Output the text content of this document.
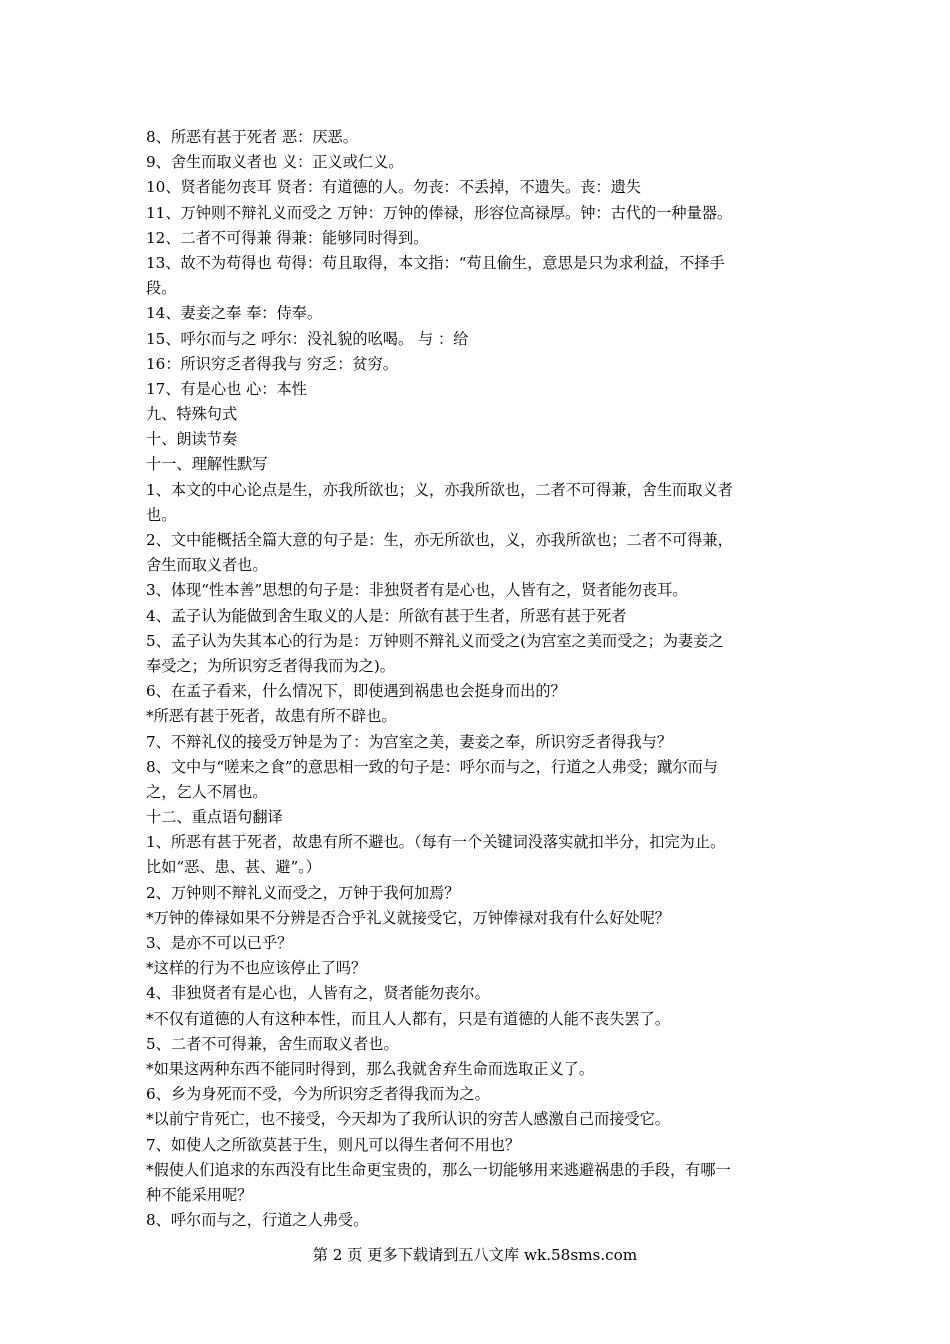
8、所恶有甚于死者 恶：厌恶。
9、舍生而取义者也 义：正义或仁义。
10、贤者能勿丧耳 贤者：有道德的人。勿丧：不丢掉，不遗失。丧：遗失
11、万钟则不辩礼义而受之 万钟：万钟的俸禄，形容位高禄厚。钟：古代的一种量器。
12、二者不可得兼 得兼：能够同时得到。
13、故不为苟得也 苟得：苟且取得，本文指：“苟且偷生，意思是只为求利益，不择手
段。
14、妻妾之奉 奉：侍奉。
15、呼尔而与之 呼尔：没礼貌的吆喝。 与 ：给
16：所识穷乏者得我与 穷乏：贫穷。
17、有是心也 心：本性
九、特殊句式
十、朗读节奏
十一、理解性默写
1、本文的中心论点是生，亦我所欲也；义，亦我所欲也，二者不可得兼，舍生而取义者
也。
2、文中能概括全篇大意的句子是：生，亦无所欲也，义，亦我所欲也；二者不可得兼，
舍生而取义者也。
3、体现“性本善”思想的句子是：非独贤者有是心也，人皆有之，贤者能勿丧耳。
4、孟子认为能做到舍生取义的人是：所欲有甚于生者，所恶有甚于死者
5、孟子认为失其本心的行为是：万钟则不辩礼义而受之(为宫室之美而受之；为妻妾之
奉受之；为所识穷乏者得我而为之)。
6、在孟子看来，什么情况下，即使遇到祸患也会挺身而出的？
*所恶有甚于死者，故患有所不辟也。
7、不辩礼仪的接受万钟是为了：为宫室之美，妻妾之奉，所识穷乏者得我与？
8、文中与“嗟来之食”的意思相一致的句子是：呼尔而与之，行道之人弗受；蹴尔而与
之，乞人不屑也。
十二、重点语句翻译
1、所恶有甚于死者，故患有所不避也。（每有一个关键词没落实就扣半分，扣完为止。
比如“恶、患、甚、避”。）
2、万钟则不辩礼义而受之，万钟于我何加焉？
*万钟的俸禄如果不分辨是否合乎礼义就接受它，万钟俸禄对我有什么好处呢？
3、是亦不可以已乎？
*这样的行为不也应该停止了吗？
4、非独贤者有是心也，人皆有之，贤者能勿丧尔。
*不仅有道德的人有这种本性，而且人人都有，只是有道德的人能不丧失罢了。
5、二者不可得兼，舍生而取义者也。
*如果这两种东西不能同时得到，那么我就舍弃生命而选取正义了。
6、乡为身死而不受，今为所识穷乏者得我而为之。
*以前宁肯死亡，也不接受，今天却为了我所认识的穷苦人感激自己而接受它。
7、如使人之所欲莫甚于生，则凡可以得生者何不用也？
*假使人们追求的东西没有比生命更宝贵的，那么一切能够用来逃避祸患的手段，有哪一
种不能采用呢？
8、呼尔而与之，行道之人弗受。
第 2 页 更多下载请到五八文库 wk.58sms.com
